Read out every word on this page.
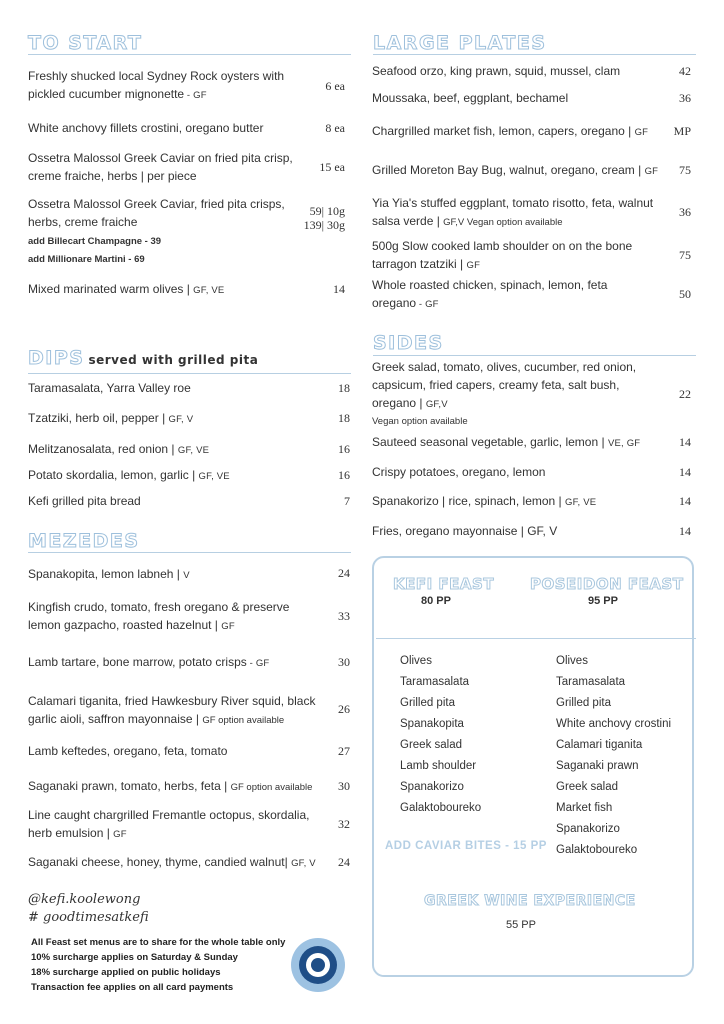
TO START
Freshly shucked local Sydney Rock oysters with
pickled cucumber mignonette - GF
6 ea
White anchovy fillets crostini, oregano butter	8 ea
Ossetra Malossol Greek Caviar on fried pita crisp,
creme fraiche, herbs | per piece
15 ea
Ossetra Malossol Greek Caviar, fried pita crisps,
herbs, creme fraiche
59| 10g
139| 30g
add Billecart Champagne - 39
add Millionare Martini - 69
Mixed marinated warm olives | GF, VE	14
DIPS served with grilled pita
Taramasalata, Yarra Valley roe	18
Tzatziki, herb oil, pepper | GF, V	18
Melitzanosalata, red onion | GF, VE	16
Potato skordalia, lemon, garlic | GF, VE	16
Kefi grilled pita bread	7
MEZEDES
Spanakopita, lemon labneh | V	24
Kingfish crudo, tomato, fresh oregano & preserve
lemon gazpacho, roasted hazelnut | GF
33
Lamb tartare, bone marrow, potato crisps - GF	30
Calamari tiganita, fried Hawkesbury River squid, black
garlic aioli, saffron mayonnaise | GF option available
26
Lamb keftedes, oregano, feta, tomato	27
Saganaki prawn, tomato, herbs, feta | GF option available 30
Line caught chargrilled Fremantle octopus, skordalia,
herb emulsion | GF
32
Saganaki cheese, honey, thyme, candied walnut| GF, V 24
@kefi.koolewong
# goodtimesatkefi
All Feast set menus are to share for the whole table only
10% surcharge applies on Saturday & Sunday
18% surcharge applied on public holidays
Transaction fee applies on all card payments
LARGE PLATES
Seafood orzo, king prawn, squid, mussel, clam	42
Moussaka, beef, eggplant, bechamel	36
Chargrilled market fish, lemon, capers, oregano | GF MP
Grilled Moreton Bay Bug, walnut, oregano, cream | GF 75
Yia Yia's stuffed eggplant, tomato risotto, feta, walnut
salsa verde | GF,V Vegan option available
36
500g Slow cooked lamb shoulder on on the bone
tarragon tzatziki | GF
75
Whole roasted chicken, spinach, lemon, feta
oregano - GF
50
SIDES
Greek salad, tomato, olives, cucumber, red onion,
capsicum, fried capers, creamy feta, salt bush,
oregano | GF,V
Vegan option available
22
Sauteed seasonal vegetable, garlic, lemon | VE, GF	14
Crispy potatoes, oregano, lemon	14
Spanakorizo | rice, spinach, lemon | GF, VE	14
Fries, oregano mayonnaise | GF, V	14
KEFI FEAST
80 PP
POSEIDON FEAST
95 PP
Olives
Taramasalata
Grilled pita
Spanakopita
Greek salad
Lamb shoulder
Spanakorizo
Galaktoboureko
Olives
Taramasalata
Grilled pita
White anchovy crostini
Calamari tiganita
Saganaki prawn
Greek salad
Market fish
Spanakorizo
Galaktoboureko
ADD CAVIAR BITES - 15 PP
GREEK WINE EXPERIENCE
55 PP
